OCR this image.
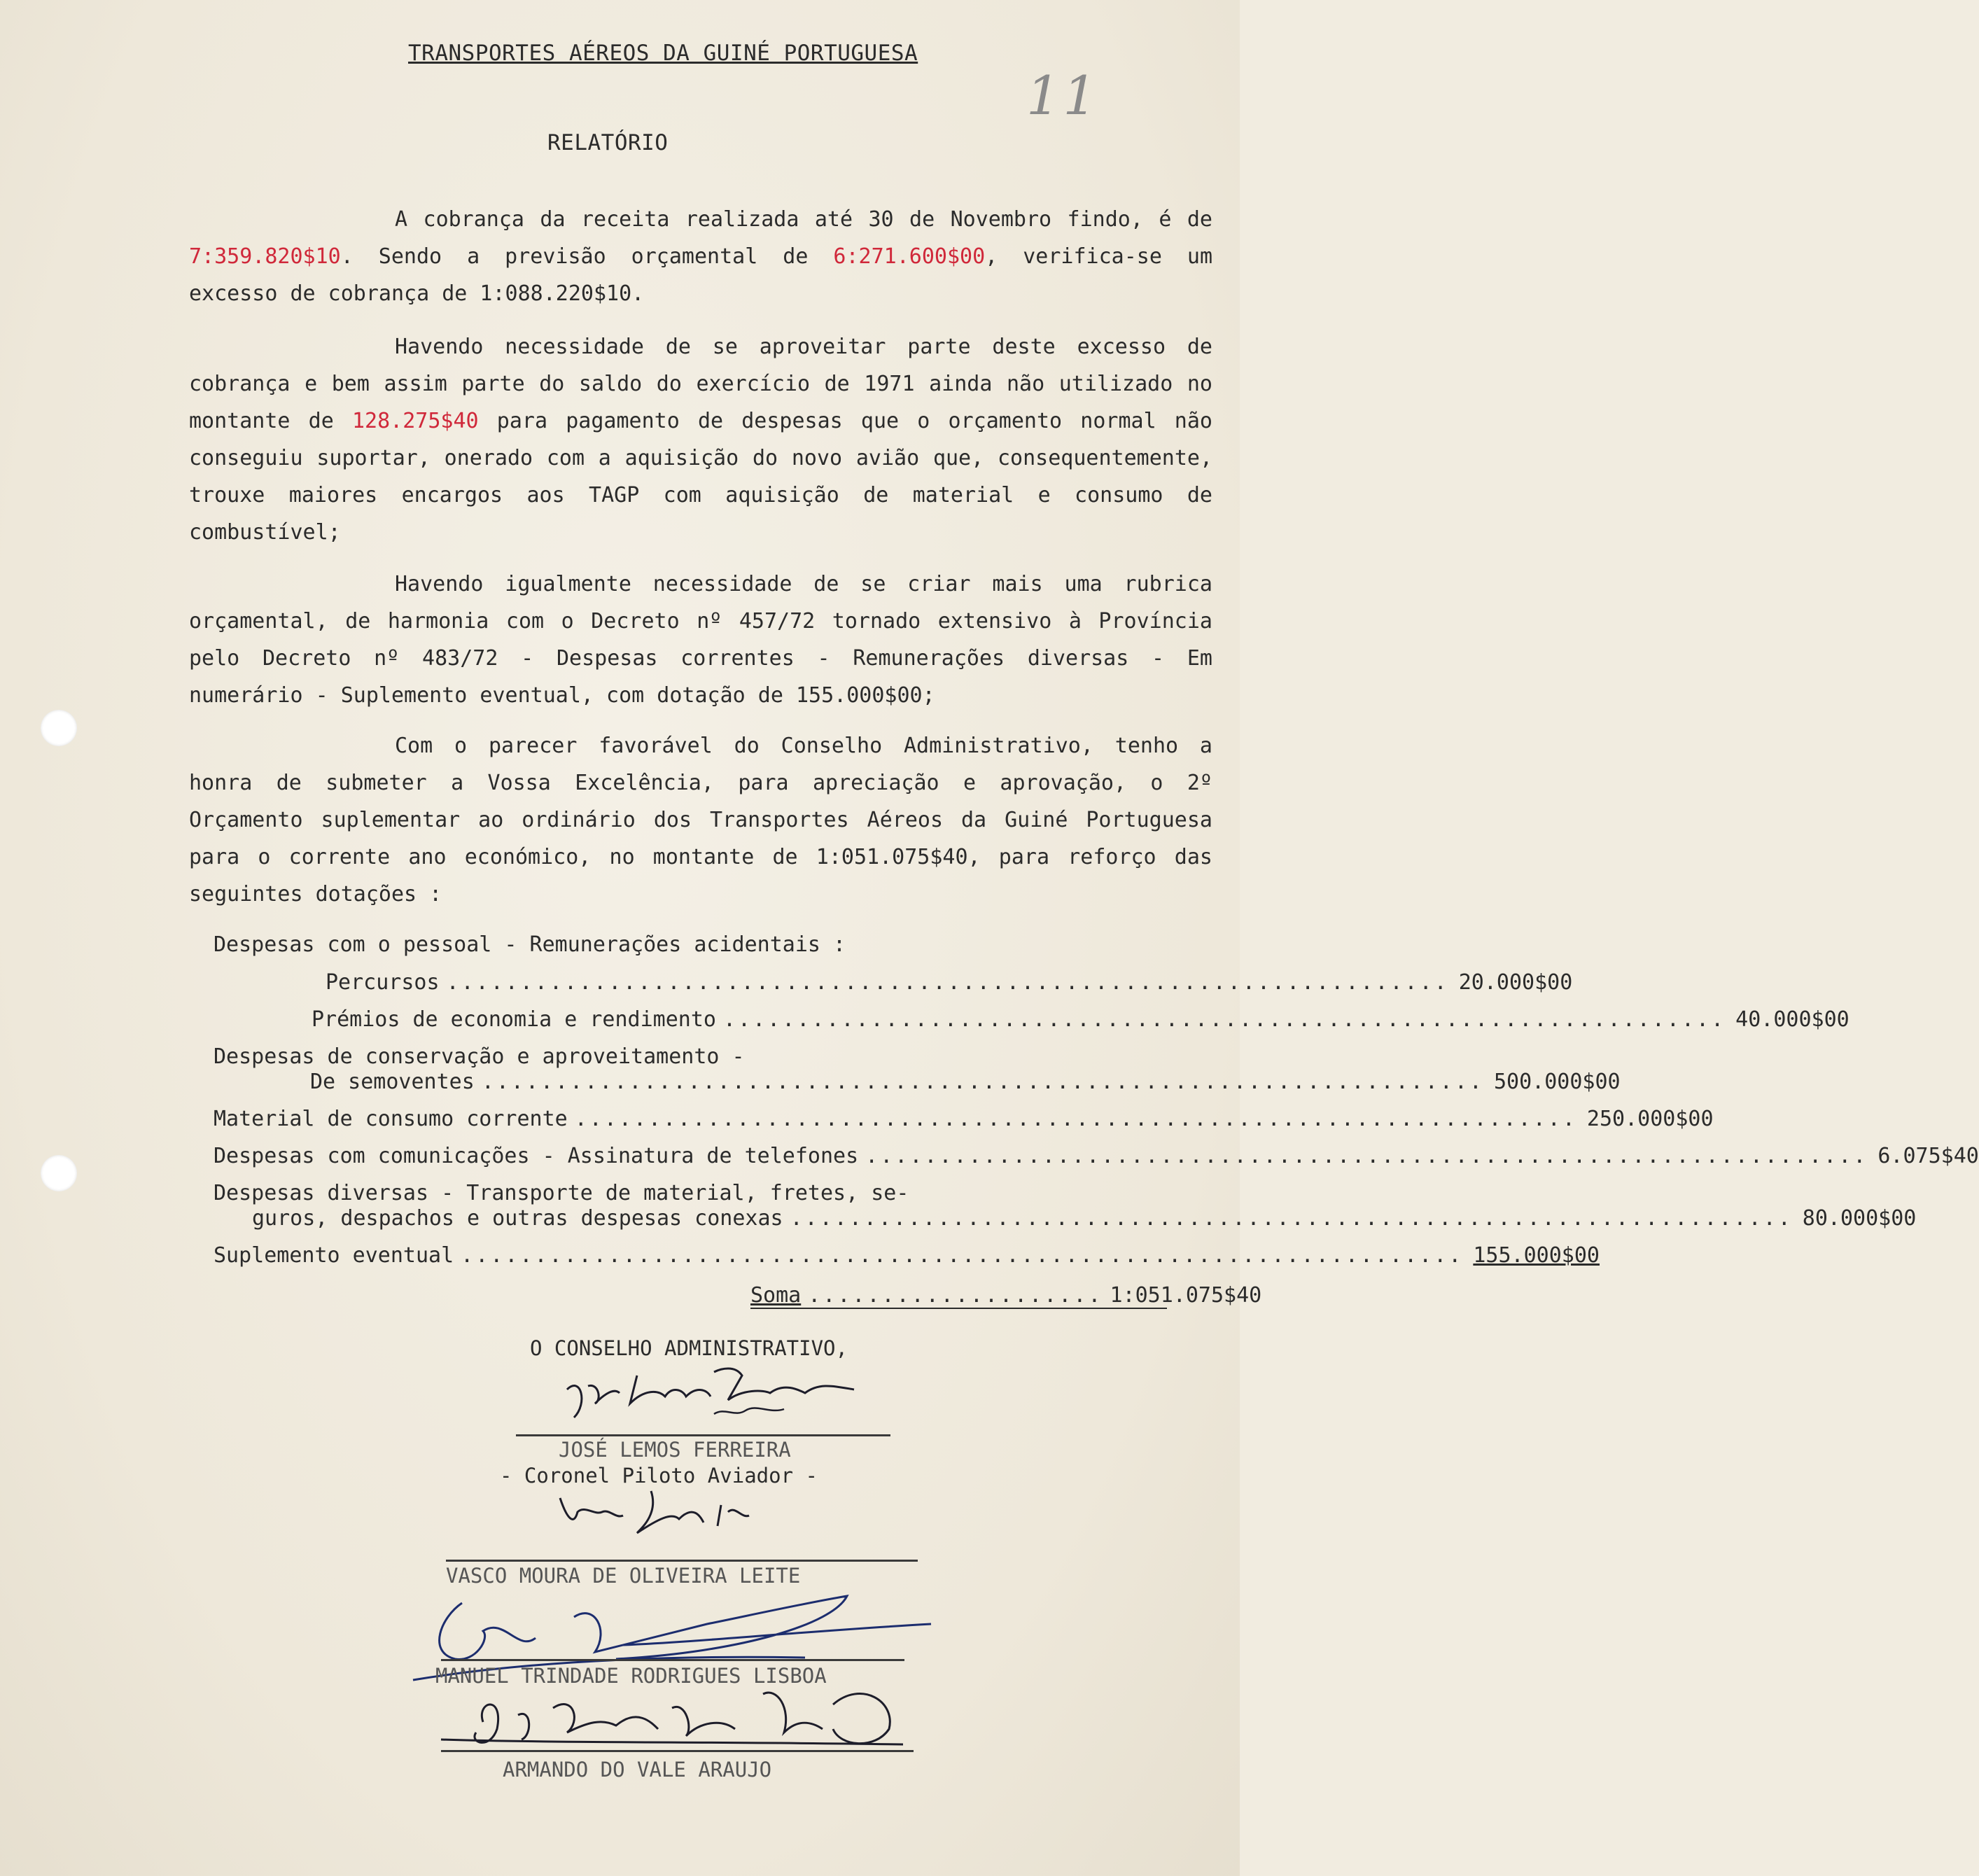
11
TRANSPORTES AÉREOS DA GUINÉ PORTUGUESA
RELATÓRIO

A cobrança da receita realizada até 30 de Novembro findo, é de 7:359.820$10. Sendo a previsão orçamental de 6:271.600$00, verifica-se um excesso de cobrança de 1:088.220$10.

Havendo necessidade de se aproveitar parte deste excesso de cobrança e bem assim parte do saldo do exercício de 1971 ainda não utilizado no montante de 128.275$40 para pagamento de despesas que o orçamento normal não conseguiu suportar, onerado com a aquisição do novo avião que, consequentemente, trouxe maiores encargos aos TAGP com aquisição de material e consumo de combustível;

Havendo igualmente necessidade de se criar mais uma rubrica orçamental, de harmonia com o Decreto nº 457/72 tornado extensivo à Província pelo Decreto nº 483/72 - Despesas correntes - Remunerações diversas - Em numerário - Suplemento eventual, com dotação de 155.000$00;

Com o parecer favorável do Conselho Administrativo, tenho a honra de submeter a Vossa Excelência, para apreciação e aprovação, o 2º Orçamento suplementar ao ordinário dos Transportes Aéreos da Guiné Portuguesa para o corrente ano económico, no montante de 1:051.075$40, para reforço das seguintes dotações :

Despesas com o pessoal - Remunerações acidentais :
Percursos .................................................................... 20.000$00
Prémios de economia e rendimento .................................................................... 40.000$00
Despesas de conservação e aproveitamento -
De semoventes .................................................................... 500.000$00
Material de consumo corrente .................................................................... 250.000$00
Despesas com comunicações - Assinatura de telefones .................................................................... 6.075$40
Despesas diversas - Transporte de material, fretes, se-
guros, despachos e outras despesas conexas .................................................................... 80.000$00
Suplemento eventual .................................................................... 155.000$00
Soma .................... 1:051.075$40
O CONSELHO ADMINISTRATIVO,
JOSÉ LEMOS FERREIRA
- Coronel Piloto Aviador -
VASCO MOURA DE OLIVEIRA LEITE
MANUEL TRINDADE RODRIGUES LISBOA
ARMANDO DO VALE ARAUJO
